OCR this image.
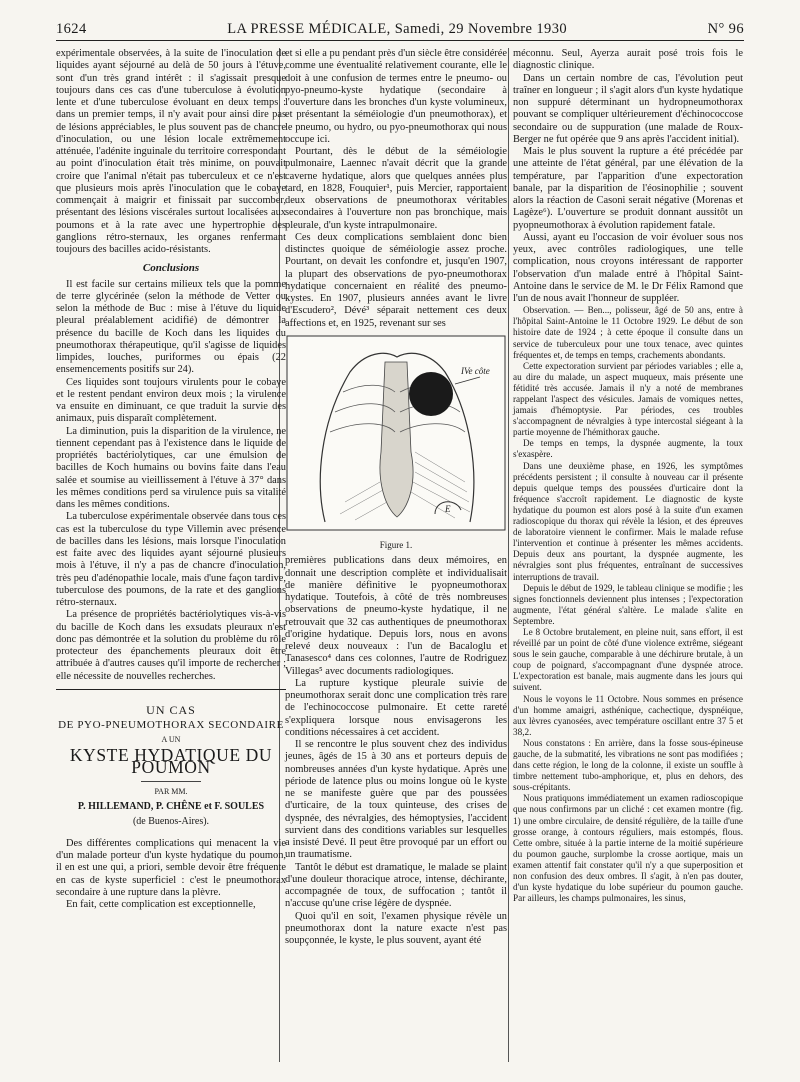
1624	LA PRESSE MÉDICALE, Samedi, 29 Novembre 1930	N° 96

expérimentale observées, à la suite de l'inoculation de liquides ayant séjourné au delà de 50 jours à l'étuve, sont d'un très grand intérêt : il s'agissait presque toujours dans ces cas d'une tuberculose à évolution lente et d'une tuberculose évoluant en deux temps : dans un premier temps, il n'y avait pour ainsi dire pas de lésions appréciables, le plus souvent pas de chancre d'inoculation, ou une lésion locale extrêmement atténuée, l'adénite inguinale du territoire correspondant au point d'inoculation était très minime, on pouvait croire que l'animal n'était pas tuberculeux et ce n'est que plusieurs mois après l'inoculation que le cobaye commençait à maigrir et finissait par succomber, présentant des lésions viscérales surtout localisées aux poumons et à la rate avec une hypertrophie des ganglions rétro-sternaux, les organes renfermant toujours des bacilles acido-résistants.

Conclusions

Il est facile sur certains milieux tels que la pomme de terre glycérinée (selon la méthode de Vetter ou selon la méthode de Buc : mise à l'étuve du liquide pleural préalablement acidifié) de démontrer la présence du bacille de Koch dans les liquides du pneumothorax thérapeutique, qu'il s'agisse de liquides limpides, louches, puriformes ou épais (22 ensemencements positifs sur 24).

Ces liquides sont toujours virulents pour le cobaye et le restent pendant environ deux mois ; la virulence va ensuite en diminuant, ce que traduit la survie des animaux, puis disparaît complètement.

La diminution, puis la disparition de la virulence, ne tiennent cependant pas à l'existence dans le liquide de propriétés bactériolytiques, car une émulsion de bacilles de Koch humains ou bovins faite dans l'eau salée et soumise au vieillissement à l'étuve à 37° dans les mêmes conditions perd sa virulence puis sa vitalité dans les mêmes conditions.

La tuberculose expérimentale observée dans tous ces cas est la tuberculose du type Villemin avec présence de bacilles dans les lésions, mais lorsque l'inoculation est faite avec des liquides ayant séjourné plusieurs mois à l'étuve, il n'y a pas de chancre d'inoculation, très peu d'adénopathie locale, mais d'une façon tardive, tuberculose des poumons, de la rate et des ganglions rétro-sternaux.

La présence de propriétés bactériolytiques vis-à-vis du bacille de Koch dans les exsudats pleuraux n'est donc pas démontrée et la solution du problème du rôle protecteur des épanchements pleuraux doit être attribuée à d'autres causes qu'il importe de rechercher ; elle nécessite de nouvelles recherches.

UN CAS
DE PYO-PNEUMOTHORAX SECONDAIRE
A UN
KYSTE HYDATIQUE DU POUMON
PAR MM.
P. HILLEMAND, P. CHÊNE et F. SOULES
(de Buenos-Aires).

Des différentes complications qui menacent la vie d'un malade porteur d'un kyste hydatique du poumon, il en est une qui, a priori, semble devoir être fréquente en cas de kyste superficiel : c'est le pneumothorax secondaire à une rupture dans la plèvre.

En fait, cette complication est exceptionnelle,

et si elle a pu pendant près d'un siècle être considérée comme une éventualité relativement courante, elle le doit à une confusion de termes entre le pneumo- ou pyo-pneumo-kyste hydatique (secondaire à l'ouverture dans les bronches d'un kyste volumineux, et présentant la séméiologie d'un pneumothorax), et le pneumo, ou hydro, ou pyo-pneumothorax qui nous occupe ici.

Pourtant, dès le début de la séméiologie pulmonaire, Laennec n'avait décrit que la grande caverne hydatique, alors que quelques années plus tard, en 1828, Fouquier¹, puis Mercier, rapportaient deux observations de pneumothorax véritables secondaires à l'ouverture non pas bronchique, mais pleurale, d'un kyste intrapulmonaire.

Ces deux complications semblaient donc bien distinctes quoique de séméiologie assez proche. Pourtant, on devait les confondre et, jusqu'en 1907, la plupart des observations de pyo-pneumothorax hydatique concernaient en réalité des pneumo-kystes. En 1907, plusieurs années avant le livre d'Escudero², Dévé³ séparait nettement ces deux affections et, en 1925, revenant sur ses

IVe côte
E
Figure 1.

premières publications dans deux mémoires, en donnait une description complète et individualisait de manière définitive le pyopneumothorax hydatique. Toutefois, à côté de très nombreuses observations de pneumo-kyste hydatique, il ne retrouvait que 32 cas authentiques de pneumothorax d'origine hydatique. Depuis lors, nous en avons relevé deux nouveaux : l'un de Bacaloglu et Tanasesco⁴ dans ces colonnes, l'autre de Rodriguez Villegas⁵ avec documents radiologiques.

La rupture kystique pleurale suivie de pneumothorax serait donc une complication très rare de l'echinococcose pulmonaire. Et cette rareté s'expliquera lorsque nous envisagerons les conditions nécessaires à cet accident.

Il se rencontre le plus souvent chez des individus jeunes, âgés de 15 à 30 ans et porteurs depuis de nombreuses années d'un kyste hydatique. Après une période de latence plus ou moins longue où le kyste ne se manifeste guère que par des poussées d'urticaire, de la toux quinteuse, des crises de dyspnée, des névralgies, des hémoptysies, l'accident survient dans des conditions variables sur lesquelles a insisté Devé. Il peut être provoqué par un effort ou un traumatisme.

Tantôt le début est dramatique, le malade se plaint d'une douleur thoracique atroce, intense, déchirante, accompagnée de toux, de suffocation ; tantôt il n'accuse qu'une crise légère de dyspnée.

Quoi qu'il en soit, l'examen physique révèle un pneumothorax dont la nature exacte n'est pas soupçonnée, le kyste, le plus souvent, ayant été

méconnu. Seul, Ayerza aurait posé trois fois le diagnostic clinique.

Dans un certain nombre de cas, l'évolution peut traîner en longueur ; il s'agit alors d'un kyste hydatique non suppuré déterminant un hydropneumothorax pouvant se compliquer ultérieurement d'échinococcose secondaire ou de suppuration (une malade de Roux-Berger ne fut opérée que 9 ans après l'accident initial).

Mais le plus souvent la rupture a été précédée par une atteinte de l'état général, par une élévation de la température, par l'apparition d'une expectoration banale, par la disparition de l'éosinophilie ; souvent alors la réaction de Casoni serait négative (Morenas et Lagèze⁶). L'ouverture se produit donnant aussitôt un pyopneumothorax à évolution rapidement fatale.

Aussi, ayant eu l'occasion de voir évoluer sous nos yeux, avec contrôles radiologiques, une telle complication, nous croyons intéressant de rapporter l'observation d'un malade entré à l'hôpital Saint-Antoine dans le service de M. le Dr Félix Ramond que l'un de nous avait l'honneur de suppléer.

Observation. — Ben..., polisseur, âgé de 50 ans, entre à l'hôpital Saint-Antoine le 11 Octobre 1929. Le début de son histoire date de 1924 ; à cette époque il consulte dans un service de tuberculeux pour une toux tenace, avec quintes fréquentes et, de temps en temps, crachements abondants.

Cette expectoration survient par périodes variables ; elle a, au dire du malade, un aspect muqueux, mais présente une fétidité très accusée. Jamais il n'y a noté de membranes rappelant l'aspect des vésicules. Jamais de vomiques nettes, jamais d'hémoptysie. Par périodes, ces troubles s'accompagnent de névralgies à type intercostal siégeant à la partie moyenne de l'hémithorax gauche.

De temps en temps, la dyspnée augmente, la toux s'exaspère.

Dans une deuxième phase, en 1926, les symptômes précédents persistent ; il consulte à nouveau car il présente depuis quelque temps des poussées d'urticaire dont la fréquence s'accroît rapidement. Le diagnostic de kyste hydatique du poumon est alors posé à la suite d'un examen radioscopique du thorax qui révèle la lésion, et des épreuves de laboratoire viennent le confirmer. Mais le malade refuse l'intervention et continue à présenter les mêmes accidents. Depuis deux ans pourtant, la dyspnée augmente, les névralgies sont plus fréquentes, entraînant de successives interruptions de travail.

Depuis le début de 1929, le tableau clinique se modifie ; les signes fonctionnels deviennent plus intenses ; l'expectoration augmente, l'état général s'altère. Le malade s'alite en Septembre.

Le 8 Octobre brutalement, en pleine nuit, sans effort, il est réveillé par un point de côté d'une violence extrême, siégeant sous le sein gauche, comparable à une déchirure brutale, à un coup de poignard, s'accompagnant d'une dyspnée atroce. L'expectoration est banale, mais augmente dans les jours qui suivent.

Nous le voyons le 11 Octobre. Nous sommes en présence d'un homme amaigri, asthénique, cachectique, dyspnéique, aux lèvres cyanosées, avec température oscillant entre 37 5 et 38,2.

Nous constatons : En arrière, dans la fosse sous-épineuse gauche, de la submatité, les vibrations ne sont pas modifiées ; dans cette région, le long de la colonne, il existe un souffle à timbre nettement tubo-amphorique, et, plus en dehors, des sous-crépitants.

Nous pratiquons immédiatement un examen radioscopique que nous confirmons par un cliché : cet examen montre (fig. 1) une ombre circulaire, de densité régulière, de la taille d'une grosse orange, à contours réguliers, mais estompés, flous. Cette ombre, située à la partie interne de la moitié supérieure du poumon gauche, surplombe la crosse aortique, mais un examen attentif fait constater qu'il n'y a que superposition et non confusion des deux ombres. Il s'agit, à n'en pas douter, d'un kyste hydatique du lobe supérieur du poumon gauche. Par ailleurs, les champs pulmonaires, les sinus,
